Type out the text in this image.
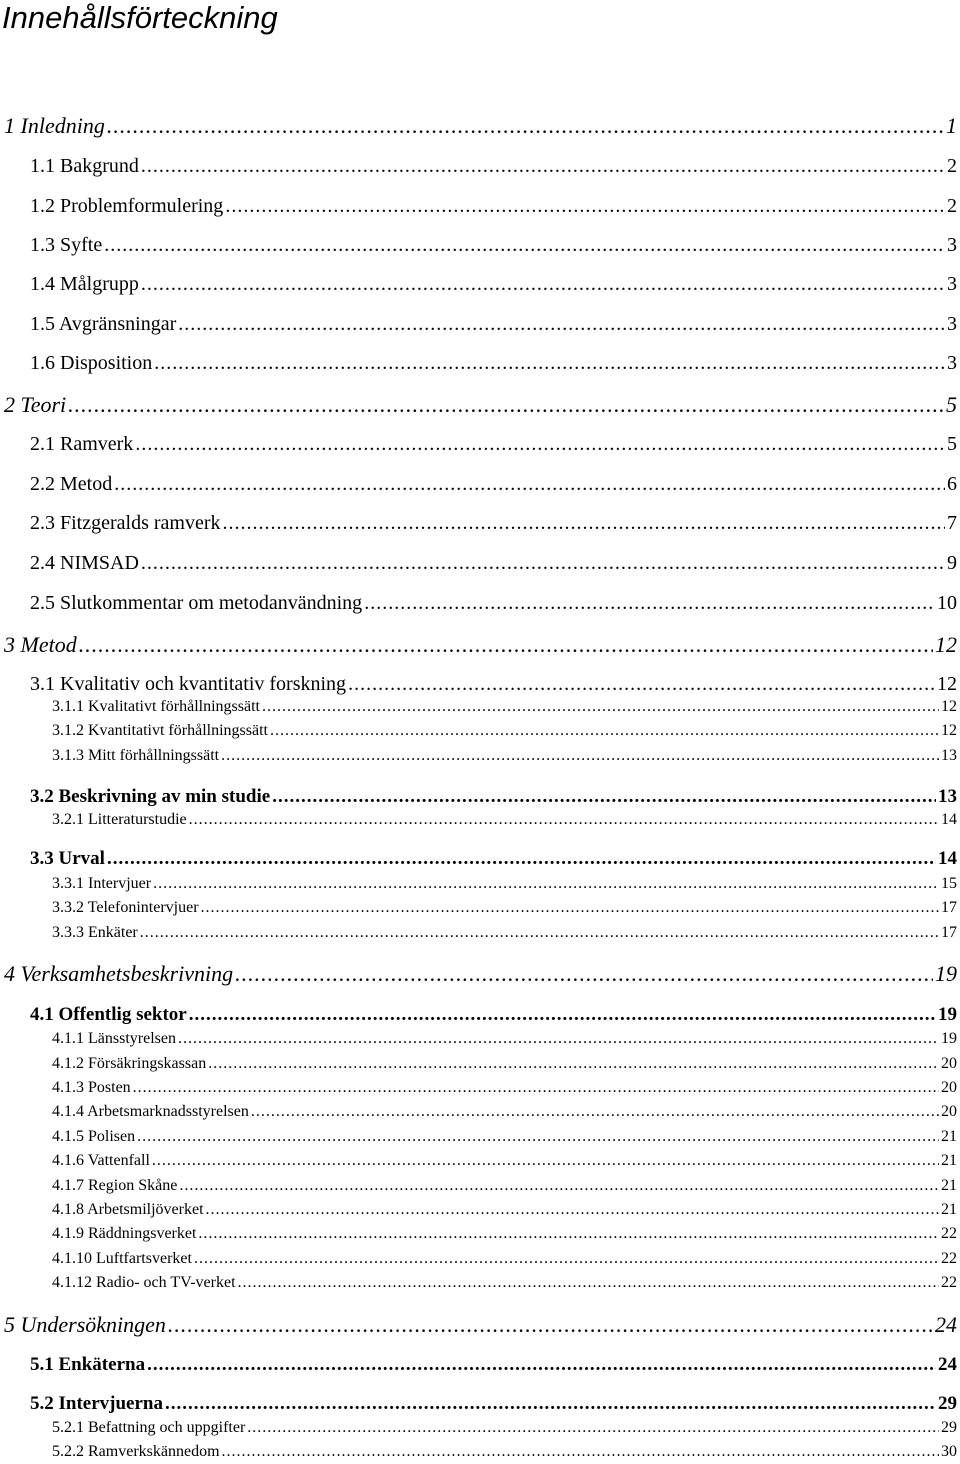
Innehållsförteckning
1 Inledning .....	1
1.1 Bakgrund .....	2
1.2 Problemformulering .....	2
1.3 Syfte .....	3
1.4 Målgrupp .....	3
1.5 Avgränsningar .....	3
1.6 Disposition .....	3
2 Teori .....	5
2.1 Ramverk .....	5
2.2 Metod .....	6
2.3 Fitzgeralds ramverk .....	7
2.4 NIMSAD .....	9
2.5 Slutkommentar om metodanvändning .....	10
3 Metod .....	12
3.1 Kvalitativ och kvantitativ forskning .....	12
3.1.1 Kvalitativt förhållningssätt .....	12
3.1.2 Kvantitativt förhållningssätt .....	12
3.1.3 Mitt förhållningssätt .....	13
3.2 Beskrivning av min studie .....	13
3.2.1 Litteraturstudie .....	14
3.3 Urval .....	14
3.3.1 Intervjuer .....	15
3.3.2 Telefonintervjuer .....	17
3.3.3 Enkäter .....	17
4 Verksamhetsbeskrivning .....	19
4.1 Offentlig sektor .....	19
4.1.1 Länsstyrelsen .....	19
4.1.2 Försäkringskassan .....	20
4.1.3 Posten .....	20
4.1.4 Arbetsmarknadsstyrelsen .....	20
4.1.5 Polisen .....	21
4.1.6 Vattenfall .....	21
4.1.7 Region Skåne .....	21
4.1.8 Arbetsmiljöverket .....	21
4.1.9 Räddningsverket .....	22
4.1.10 Luftfartsverket .....	22
4.1.12 Radio- och TV-verket .....	22
5 Undersökningen .....	24
5.1 Enkäterna .....	24
5.2 Intervjuerna .....	29
5.2.1 Befattning och uppgifter .....	29
5.2.2 Ramverkskännedom .....	30
